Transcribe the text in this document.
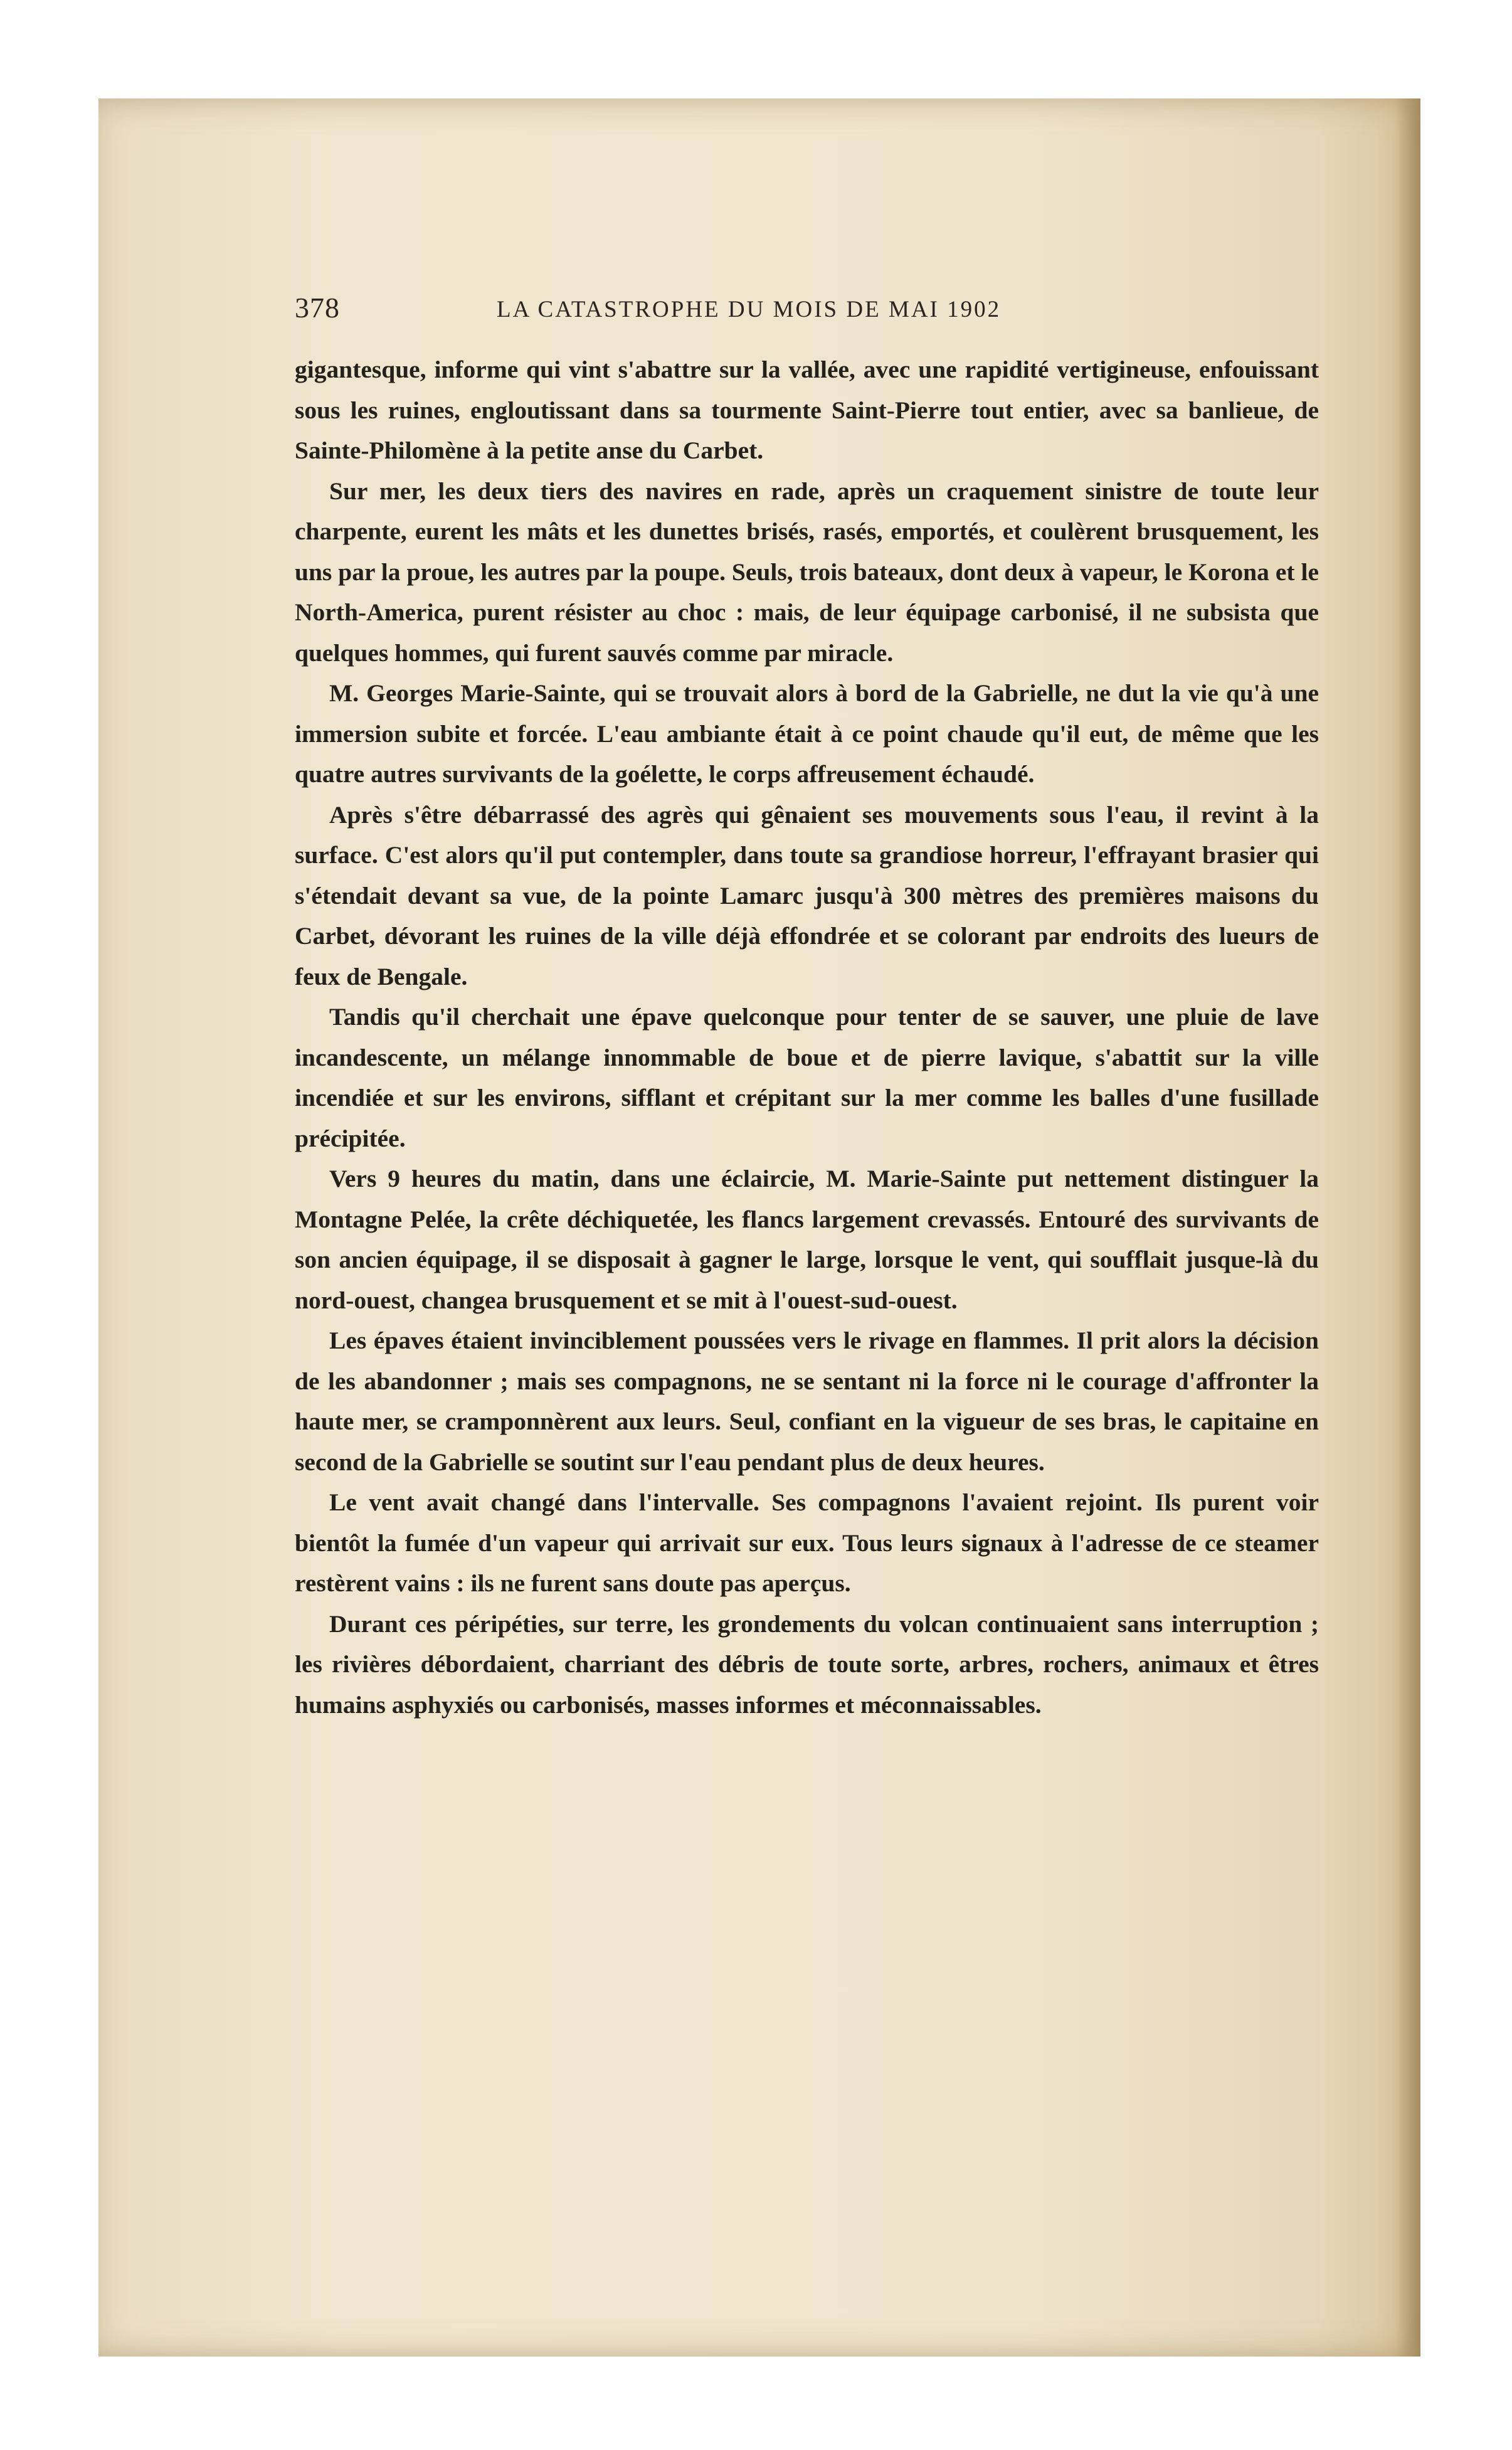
378	LA CATASTROPHE DU MOIS DE MAI 1902

gigantesque, informe qui vint s'abattre sur la vallée, avec une rapidité vertigineuse, enfouissant sous les ruines, engloutissant dans sa tourmente Saint-Pierre tout entier, avec sa banlieue, de Sainte-Philomène à la petite anse du Carbet.

Sur mer, les deux tiers des navires en rade, après un craquement sinistre de toute leur charpente, eurent les mâts et les dunettes brisés, rasés, emportés, et coulèrent brusquement, les uns par la proue, les autres par la poupe. Seuls, trois bateaux, dont deux à vapeur, le Korona et le North-America, purent résister au choc : mais, de leur équipage carbonisé, il ne subsista que quelques hommes, qui furent sauvés comme par miracle.

M. Georges Marie-Sainte, qui se trouvait alors à bord de la Gabrielle, ne dut la vie qu'à une immersion subite et forcée. L'eau ambiante était à ce point chaude qu'il eut, de même que les quatre autres survivants de la goélette, le corps affreusement échaudé.

Après s'être débarrassé des agrès qui gênaient ses mouvements sous l'eau, il revint à la surface. C'est alors qu'il put contempler, dans toute sa grandiose horreur, l'effrayant brasier qui s'étendait devant sa vue, de la pointe Lamarc jusqu'à 300 mètres des premières maisons du Carbet, dévorant les ruines de la ville déjà effondrée et se colorant par endroits des lueurs de feux de Bengale.

Tandis qu'il cherchait une épave quelconque pour tenter de se sauver, une pluie de lave incandescente, un mélange innommable de boue et de pierre lavique, s'abattit sur la ville incendiée et sur les environs, sifflant et crépitant sur la mer comme les balles d'une fusillade précipitée.

Vers 9 heures du matin, dans une éclaircie, M. Marie-Sainte put nettement distinguer la Montagne Pelée, la crête déchiquetée, les flancs largement crevassés. Entouré des survivants de son ancien équipage, il se disposait à gagner le large, lorsque le vent, qui soufflait jusque-là du nord-ouest, changea brusquement et se mit à l'ouest-sud-ouest.

Les épaves étaient invinciblement poussées vers le rivage en flammes. Il prit alors la décision de les abandonner ; mais ses compagnons, ne se sentant ni la force ni le courage d'affronter la haute mer, se cramponnèrent aux leurs. Seul, confiant en la vigueur de ses bras, le capitaine en second de la Gabrielle se soutint sur l'eau pendant plus de deux heures.

Le vent avait changé dans l'intervalle. Ses compagnons l'avaient rejoint. Ils purent voir bientôt la fumée d'un vapeur qui arrivait sur eux. Tous leurs signaux à l'adresse de ce steamer restèrent vains : ils ne furent sans doute pas aperçus.

Durant ces péripéties, sur terre, les grondements du volcan continuaient sans interruption ; les rivières débordaient, charriant des débris de toute sorte, arbres, rochers, animaux et êtres humains asphyxiés ou carbonisés, masses informes et méconnaissables.
